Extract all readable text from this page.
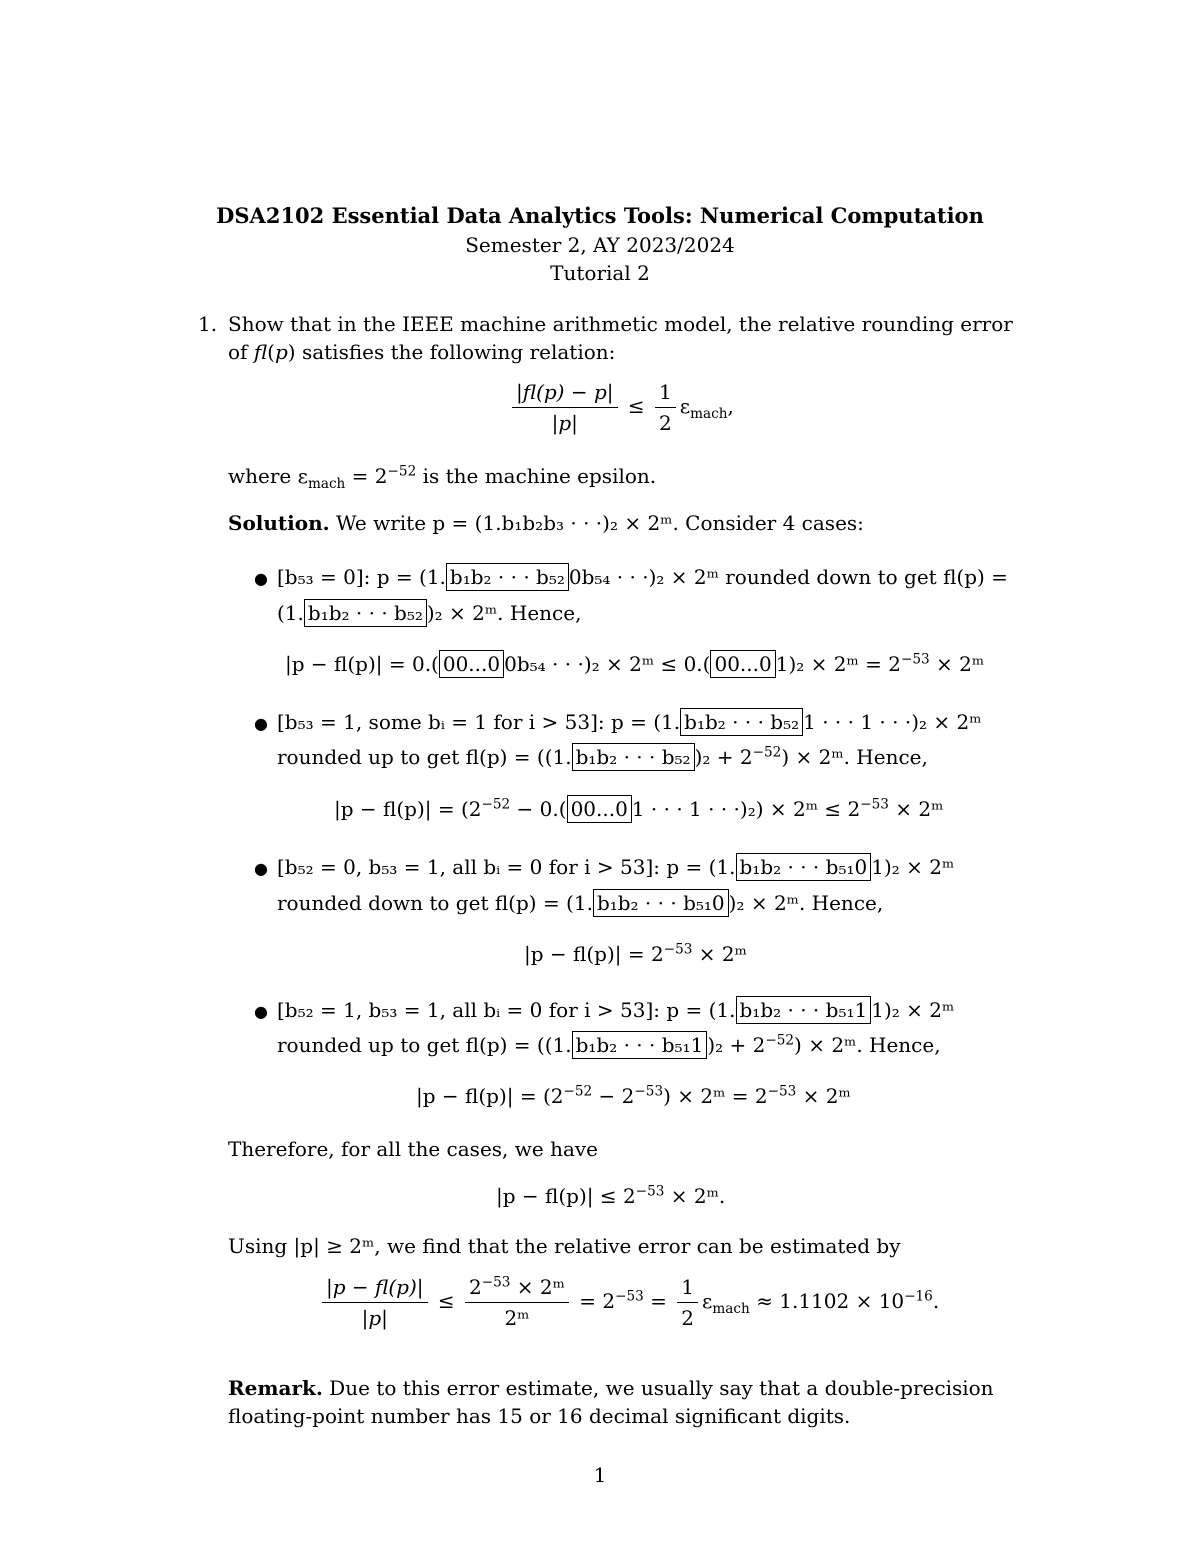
DSA2102 Essential Data Analytics Tools: Numerical Computation
Semester 2, AY 2023/2024
Tutorial 2
1. Show that in the IEEE machine arithmetic model, the relative rounding error
of fl(p) satisfies the following relation:
$\frac{|fl(p) - p|}{|p|} \le \frac{1}{2} \varepsilon_{mach}$,
where $\varepsilon_{mach} = 2^{-52}$ is the machine epsilon.
Solution. We write p = (1.b₁b₂b₃ · · ·)₂ × 2ᵐ. Consider 4 cases:
● [b₅₃ = 0]: p = (1. b₁b₂ · · · b₅₂ 0b₅₄ · · ·)₂ × 2ᵐ rounded down to get fl(p) =
(1. b₁b₂ · · · b₅₂ )₂ × 2ᵐ. Hence,
|p − fl(p)| = 0.( 00...0 0b₅₄ · · ·)₂ × 2ᵐ ≤ 0.( 00...0 1)₂ × 2ᵐ = $2^{-53}$ × 2ᵐ
● [b₅₃ = 1, some bᵢ = 1 for i > 53]: p = (1. b₁b₂ · · · b₅₂ 1 · · · 1 · · ·)₂ × 2ᵐ
rounded up to get fl(p) = ((1. b₁b₂ · · · b₅₂ )$_2 + 2^{-52}$) × 2ᵐ. Hence,
$|p - fl(p)| = (2^{-52} - 0$.( 00...0 1 · · · 1 · · ·)₂) × 2ᵐ ≤ $2^{-53}$ × 2ᵐ
● [b₅₂ = 0, b₅₃ = 1, all bᵢ = 0 for i > 53]: p = (1. b₁b₂ · · · b₅₁0 1)₂ × 2ᵐ
rounded down to get fl(p) = (1. b₁b₂ · · · b₅₁0 )₂ × 2ᵐ. Hence,
$|p - fl(p)| = 2^{-53}$ × 2ᵐ
● [b₅₂ = 1, b₅₃ = 1, all bᵢ = 0 for i > 53]: p = (1. b₁b₂ · · · b₅₁1 1)₂ × 2ᵐ
rounded up to get fl(p) = ((1. b₁b₂ · · · b₅₁1 )$_2 + 2^{-52}$) × 2ᵐ. Hence,
$|p - fl(p)| = (2^{-52} - 2^{-53})$ × 2ᵐ = $2^{-53}$ × 2ᵐ
Therefore, for all the cases, we have
$|p - fl(p)| \le 2^{-53}$ × 2ᵐ.
Using |p| ≥ 2ᵐ, we find that the relative error can be estimated by
$\frac{|p - fl(p)|}{|p|} \le \frac{2^{-53} \times 2ᵐ}{\text{2ᵐ}} = 2^{-53} = \frac{1}{2} \varepsilon_{mach} \approx 1.1102 \times 10^{-16}$.
Remark. Due to this error estimate, we usually say that a double-precision
floating-point number has 15 or 16 decimal significant digits.
1
